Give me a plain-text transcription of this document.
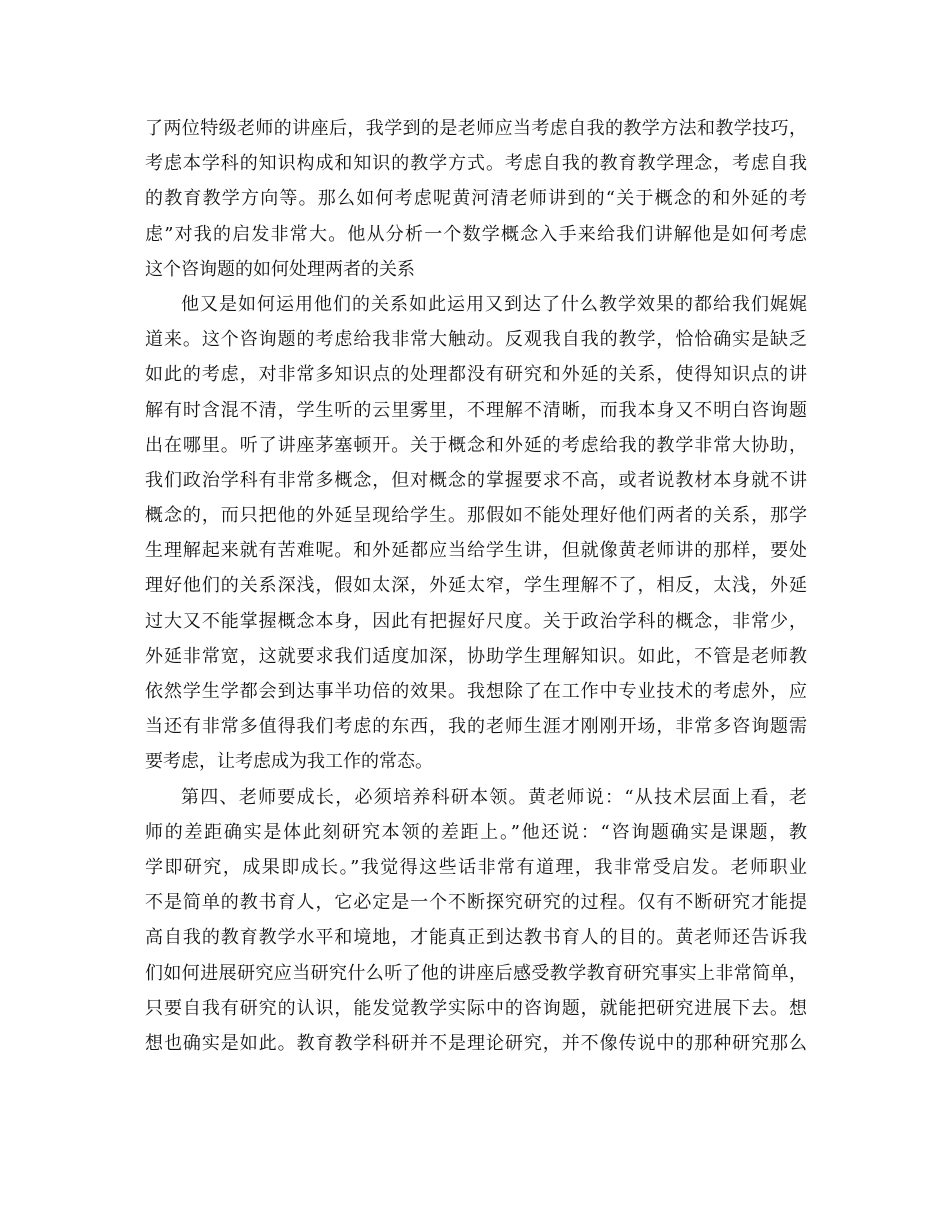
了两位特级老师的讲座后，我学到的是老师应当考虑自我的教学方法和教学技巧，
考虑本学科的知识构成和知识的教学方式。考虑自我的教育教学理念，考虑自我
的教育教学方向等。那么如何考虑呢黄河清老师讲到的“关于概念的和外延的考
虑”对我的启发非常大。他从分析一个数学概念入手来给我们讲解他是如何考虑
这个咨询题的如何处理两者的关系
他又是如何运用他们的关系如此运用又到达了什么教学效果的都给我们娓娓
道来。这个咨询题的考虑给我非常大触动。反观我自我的教学，恰恰确实是缺乏
如此的考虑，对非常多知识点的处理都没有研究和外延的关系，使得知识点的讲
解有时含混不清，学生听的云里雾里，不理解不清晰，而我本身又不明白咨询题
出在哪里。听了讲座茅塞顿开。关于概念和外延的考虑给我的教学非常大协助，
我们政治学科有非常多概念，但对概念的掌握要求不高，或者说教材本身就不讲
概念的，而只把他的外延呈现给学生。那假如不能处理好他们两者的关系，那学
生理解起来就有苦难呢。和外延都应当给学生讲，但就像黄老师讲的那样，要处
理好他们的关系深浅，假如太深，外延太窄，学生理解不了，相反，太浅，外延
过大又不能掌握概念本身，因此有把握好尺度。关于政治学科的概念，非常少，
外延非常宽，这就要求我们适度加深，协助学生理解知识。如此，不管是老师教
依然学生学都会到达事半功倍的效果。我想除了在工作中专业技术的考虑外，应
当还有非常多值得我们考虑的东西，我的老师生涯才刚刚开场，非常多咨询题需
要考虑，让考虑成为我工作的常态。
第四、老师要成长，必须培养科研本领。黄老师说：“从技术层面上看，老
师的差距确实是体此刻研究本领的差距上。”他还说：“咨询题确实是课题，教
学即研究，成果即成长。”我觉得这些话非常有道理，我非常受启发。老师职业
不是简单的教书育人，它必定是一个不断探究研究的过程。仅有不断研究才能提
高自我的教育教学水平和境地，才能真正到达教书育人的目的。黄老师还告诉我
们如何进展研究应当研究什么听了他的讲座后感受教学教育研究事实上非常简单，
只要自我有研究的认识，能发觉教学实际中的咨询题，就能把研究进展下去。想
想也确实是如此。教育教学科研并不是理论研究，并不像传说中的那种研究那么
